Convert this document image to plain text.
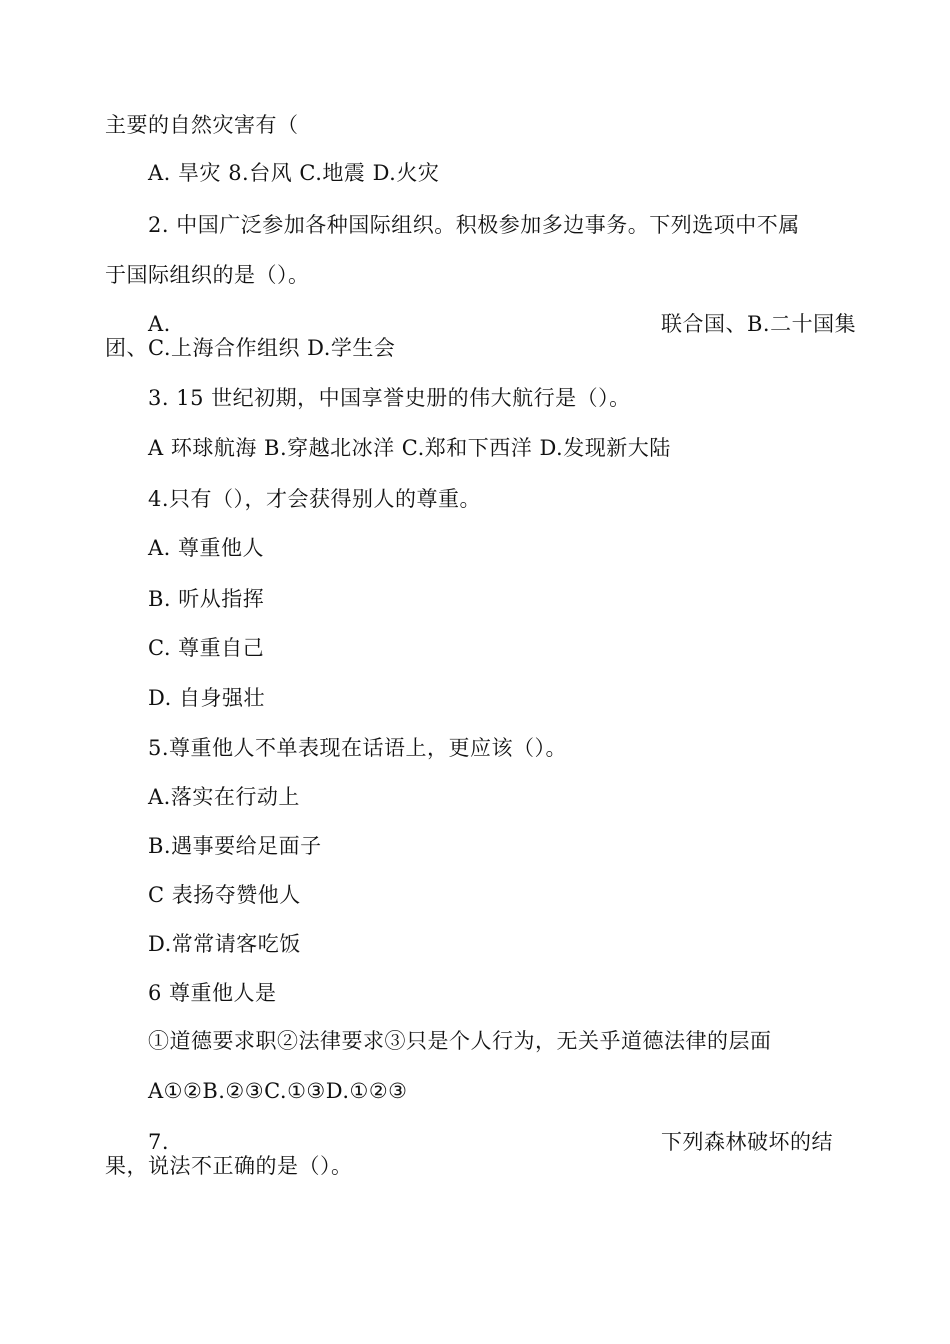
主要的自然灾害有（
A. 旱灾 8.台风 C.地震 D.火灾
2. 中国广泛参加各种国际组织。积极参加多边事务。下列选项中不属
于国际组织的是（）。
A.	联合国、B.二十国集
团、C.上海合作组织 D.学生会
3. 15 世纪初期，中国享誉史册的伟大航行是（）。
A 环球航海 B.穿越北冰洋 C.郑和下西洋 D.发现新大陆
4.只有（），才会获得别人的尊重。
A. 尊重他人
B. 听从指挥
C. 尊重自己
D. 自身强壮
5.尊重他人不单表现在话语上，更应该（）。
A.落实在行动上
B.遇事要给足面子
C 表扬夺赞他人
D.常常请客吃饭
6 尊重他人是
①道德要求职②法律要求③只是个人行为，无关乎道德法律的层面
A①②B.②③C.①③D.①②③
7.	下列森林破坏的结
果，说法不正确的是（）。
